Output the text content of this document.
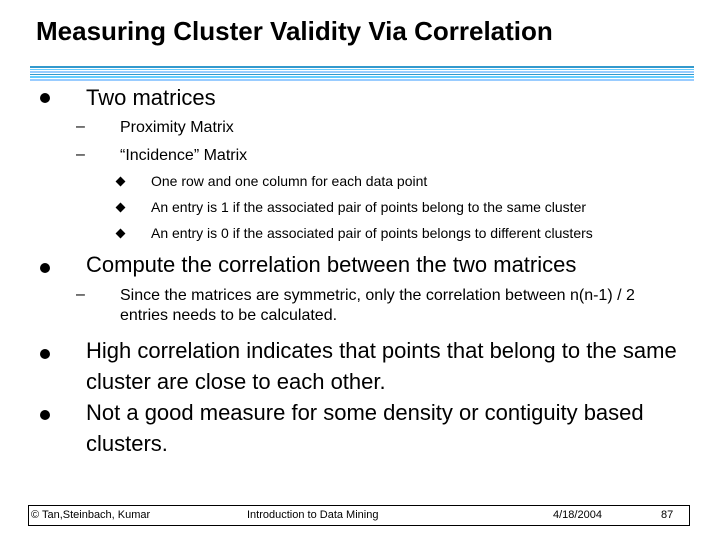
Measuring Cluster Validity Via Correlation
Two matrices
– Proximity Matrix
– “Incidence” Matrix
One row and one column for each data point
An entry is 1 if the associated pair of points belong to the same cluster
An entry is 0 if the associated pair of points belongs to different clusters
Compute the correlation between the two matrices
– Since the matrices are symmetric, only the correlation between n(n-1) / 2 entries needs to be calculated.
High correlation indicates that points that belong to the same cluster are close to each other.
Not a good measure for some density or contiguity based clusters.
© Tan,Steinbach, Kumar	Introduction to Data Mining	4/18/2004	87
